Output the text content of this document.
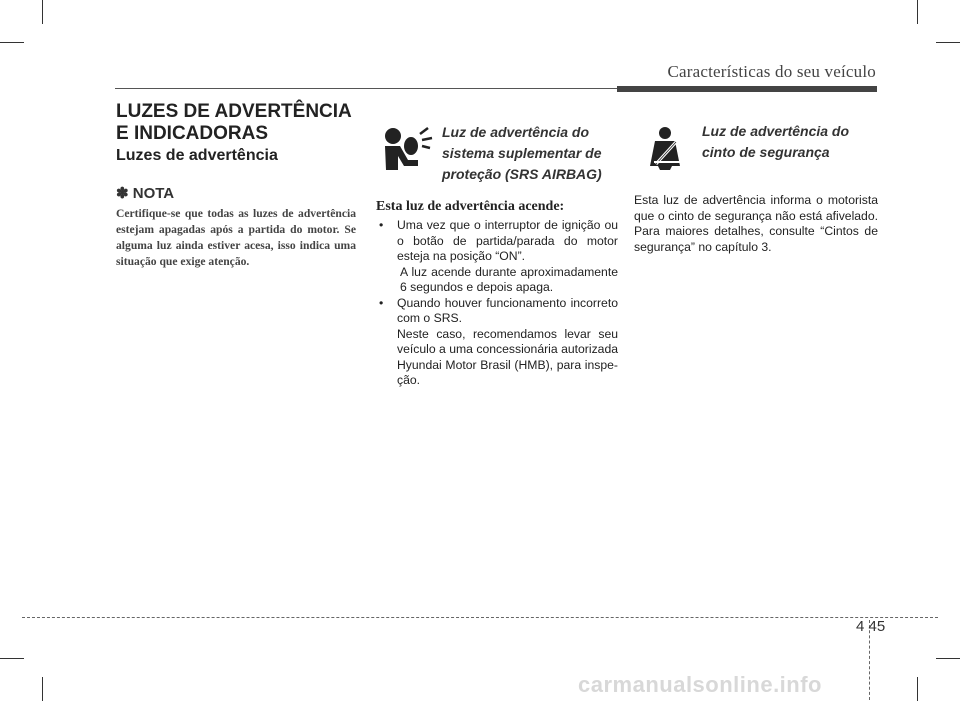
Características do seu veículo
LUZES DE ADVERTÊNCIA E INDICADORAS
Luzes de advertência
✽ NOTA
Certifique-se que todas as luzes de advertência estejam apagadas após a partida do motor. Se alguma luz ainda estiver acesa, isso indica uma situação que exige atenção.
Luz de advertência do sistema suplementar de proteção (SRS AIRBAG)
Esta luz de advertência acende:
• Uma vez que o interruptor de ignição ou o botão de partida/parada do motor esteja na posição “ON”.
A luz acende durante aproximadamente 6 segundos e depois apaga.
• Quando houver funcionamento incorreto com o SRS.
Neste caso, recomendamos levar seu veículo a uma concessionária autorizada Hyundai Motor Brasil (HMB), para inspe-ção.
Luz de advertência do cinto de segurança
Esta luz de advertência informa o motorista que o cinto de segurança não está afivelado. Para maiores detalhes, consulte “Cintos de segurança” no capítulo 3.
4 45
carmanualsonline.info
